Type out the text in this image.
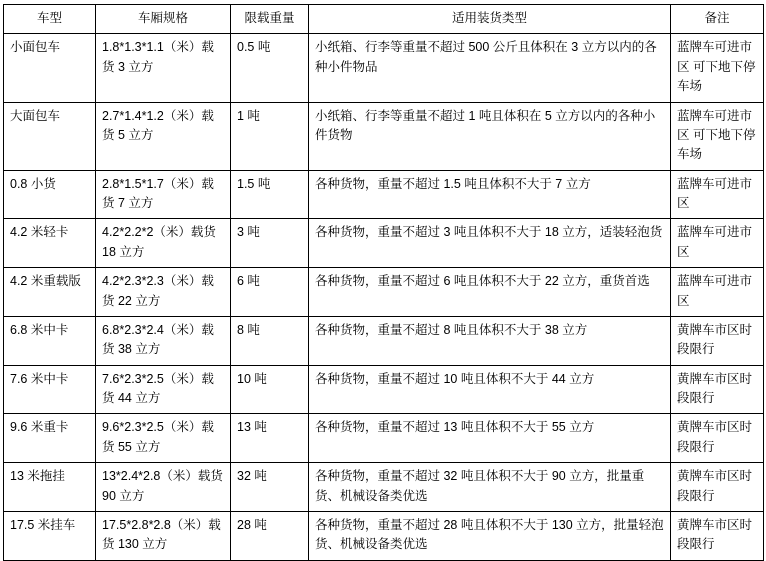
车型	车厢规格	限载重量	适用装货类型	备注
小面包车	1.8*1.3*1.1（米）载货 3 立方	0.5 吨	小纸箱、行李等重量不超过 500 公斤且体积在 3 立方以内的各种小件物品	蓝牌车可进市区 可下地下停车场
大面包车	2.7*1.4*1.2（米）载货 5 立方	1 吨	小纸箱、行李等重量不超过 1 吨且体积在 5 立方以内的各种小件货物	蓝牌车可进市区 可下地下停车场
0.8 小货	2.8*1.5*1.7（米）载货 7 立方	1.5 吨	各种货物，重量不超过 1.5 吨且体积不大于 7 立方	蓝牌车可进市区
4.2 米轻卡	4.2*2.2*2（米）载货 18 立方	3 吨	各种货物，重量不超过 3 吨且体积不大于 18 立方，适装轻泡货	蓝牌车可进市区
4.2 米重载版	4.2*2.3*2.3（米）载货 22 立方	6 吨	各种货物，重量不超过 6 吨且体积不大于 22 立方，重货首选	蓝牌车可进市区
6.8 米中卡	6.8*2.3*2.4（米）载货 38 立方	8 吨	各种货物，重量不超过 8 吨且体积不大于 38 立方	黄牌车市区时段限行
7.6 米中卡	7.6*2.3*2.5（米）载货 44 立方	10 吨	各种货物，重量不超过 10 吨且体积不大于 44 立方	黄牌车市区时段限行
9.6 米重卡	9.6*2.3*2.5（米）载货 55 立方	13 吨	各种货物，重量不超过 13 吨且体积不大于 55 立方	黄牌车市区时段限行
13 米拖挂	13*2.4*2.8（米）载货 90 立方	32 吨	各种货物，重量不超过 32 吨且体积不大于 90 立方，批量重货、机械设备类优选	黄牌车市区时段限行
17.5 米挂车	17.5*2.8*2.8（米）载货 130 立方	28 吨	各种货物，重量不超过 28 吨且体积不大于 130 立方，批量轻泡货、机械设备类优选	黄牌车市区时段限行
